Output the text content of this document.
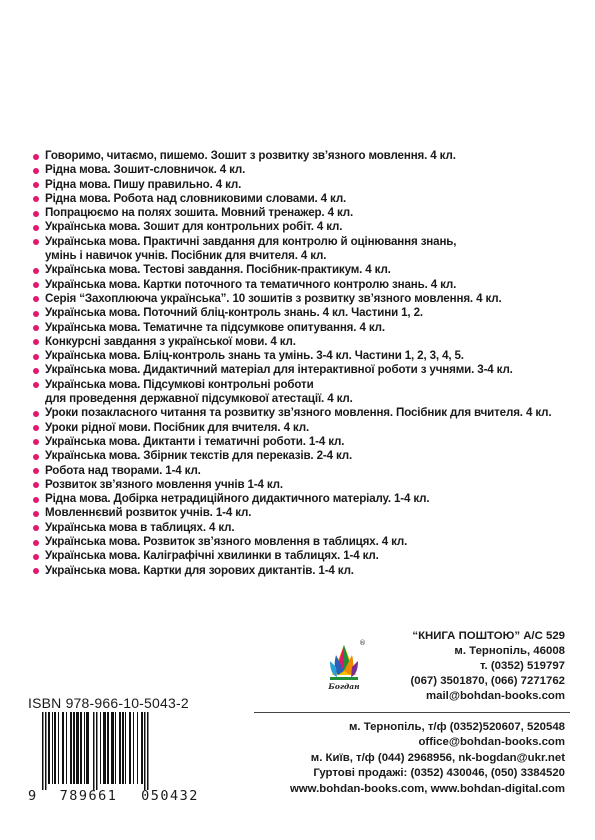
Говоримо, читаємо, пишемо. Зошит з розвитку зв’язного мовлення. 4 кл.
Рідна мова. Зошит-словничок. 4 кл.
Рідна мова. Пишу правильно. 4 кл.
Рідна мова. Робота над словниковими словами. 4 кл.
Попрацюємо на полях зошита. Мовний тренажер. 4 кл.
Українська мова. Зошит для контрольних робіт. 4 кл.
Українська мова. Практичні завдання для контролю й оцінювання знань,
умінь і навичок учнів. Посібник для вчителя. 4 кл.
Українська мова. Тестові завдання. Посібник-практикум. 4 кл.
Українська мова. Картки поточного та тематичного контролю знань. 4 кл.
Серія “Захоплююча українська”. 10 зошитів з розвитку зв’язного мовлення. 4 кл.
Українська мова. Поточний бліц-контроль знань. 4 кл. Частини 1, 2.
Українська мова. Тематичне та підсумкове опитування. 4 кл.
Конкурсні завдання з української мови. 4 кл.
Українська мова. Бліц-контроль знань та умінь. 3-4 кл. Частини 1, 2, 3, 4, 5.
Українська мова. Дидактичний матеріал для інтерактивної роботи з учнями. 3-4 кл.
Українська мова. Підсумкові контрольні роботи
для проведення державної підсумкової атестації. 4 кл.
Уроки позакласного читання та розвитку зв’язного мовлення. Посібник для вчителя. 4 кл.
Уроки рідної мови. Посібник для вчителя. 4 кл.
Українська мова. Диктанти і тематичні роботи. 1-4 кл.
Українська мова. Збірник текстів для переказів. 2-4 кл.
Робота над творами. 1-4 кл.
Розвиток зв’язного мовлення учнів 1-4 кл.
Рідна мова. Добірка нетрадиційного дидактичного матеріалу. 1-4 кл.
Мовленнєвий розвиток учнів. 1-4 кл.
Українська мова в таблицях. 4 кл.
Українська мова. Розвиток зв’язного мовлення в таблицях. 4 кл.
Українська мова. Каліграфічні хвилинки в таблицях. 1-4 кл.
Українська мова. Картки для зорових диктантів. 1-4 кл.
®
Богдан
“КНИГА ПОШТОЮ” А/С 529
м. Тернопіль, 46008
т. (0352) 519797
(067) 3501870, (066) 7271762
mail@bohdan-books.com
ISBN 978-966-10-5043-2
9 789661 050432
м. Тернопіль, т/ф (0352)520607, 520548
office@bohdan-books.com
м. Київ, т/ф (044) 2968956, nk-bogdan@ukr.net
Гуртові продажі: (0352) 430046, (050) 3384520
www.bohdan-books.com, www.bohdan-digital.com
